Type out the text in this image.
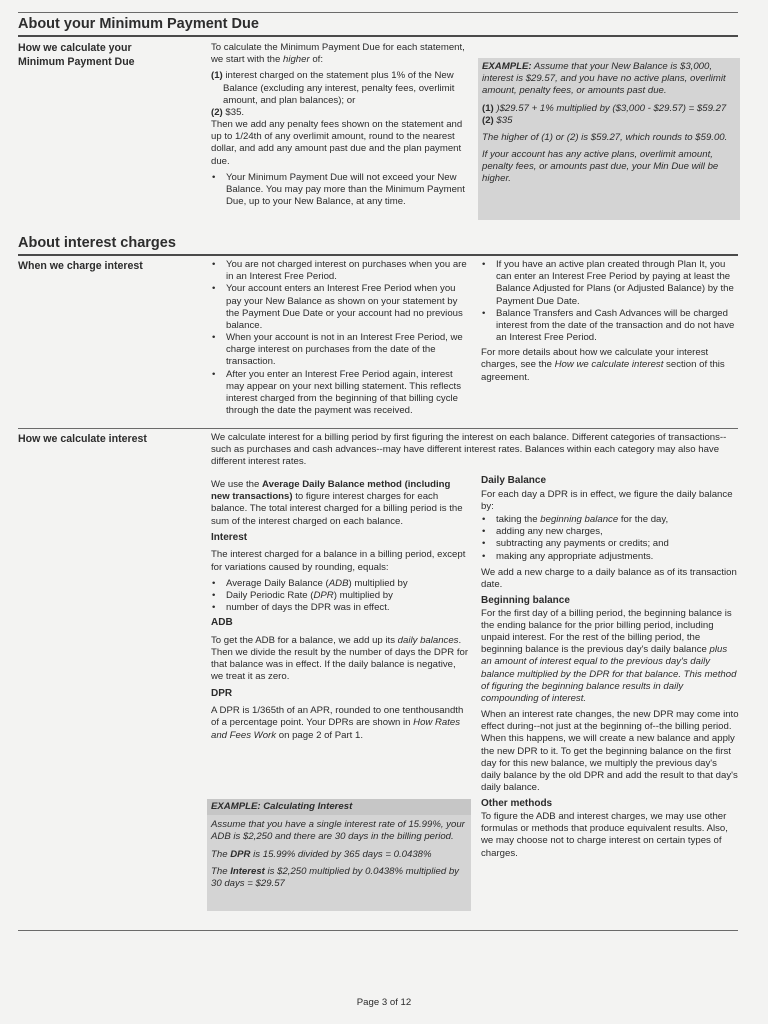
About your Minimum Payment Due
How we calculate your Minimum Payment Due

To calculate the Minimum Payment Due for each statement, we start with the higher of:

(1) interest charged on the statement plus 1% of the New Balance (excluding any interest, penalty fees, overlimit amount, and plan balances); or

(2) $35.

Then we add any penalty fees shown on the statement and up to 1/24th of any overlimit amount, round to the nearest dollar, and add any amount past due and the plan payment due.

• Your Minimum Payment Due will not exceed your New Balance. You may pay more than the Minimum Payment Due, up to your New Balance, at any time.

EXAMPLE: Assume that your New Balance is $3,000, interest is $29.57, and you have no active plans, overlimit amount, penalty fees, or amounts past due.

(1) )$29.57 + 1% multiplied by ($3,000 - $29.57) = $59.27

(2) $35

The higher of (1) or (2) is $59.27, which rounds to $59.00.

If your account has any active plans, overlimit amount, penalty fees, or amounts past due, your Min Due will be higher.

About interest charges
When we charge interest
•	You are not charged interest on purchases when you are in an Interest Free Period.
• Your account enters an Interest Free Period when you pay your New Balance as shown on your statement by the Payment Due Date or your account had no previous balance.
• When your account is not in an Interest Free Period, we charge interest on purchases from the date of the transaction.
• After you enter an Interest Free Period again, interest may appear on your next billing statement. This reflects interest charged from the beginning of that billing cycle through the date the payment was received.
• If you have an active plan created through Plan It, you can enter an Interest Free Period by paying at least the Balance Adjusted for Plans (or Adjusted Balance) by the Payment Due Date.
• Balance Transfers and Cash Advances will be charged interest from the date of the transaction and do not have an Interest Free Period.

For more details about how we calculate your interest charges, see the How we calculate interest section of this agreement.

How we calculate interest	We calculate interest for a billing period by first figuring the interest on each balance. Different categories of transactions--such as purchases and cash advances--may have different interest rates. Balances within each category may also have different interest rates.

We use the Average Daily Balance method (including new transactions) to figure interest charges for each balance. The total interest charged for a billing period is the sum of the interest charged on each balance.

Interest

The interest charged for a balance in a billing period, except for variations caused by rounding, equals:

• Average Daily Balance (ADB) multiplied by
• Daily Periodic Rate (DPR) multiplied by
• number of days the DPR was in effect.
ADB

To get the ADB for a balance, we add up its daily balances. Then we divide the result by the number of days the DPR for that balance was in effect. If the daily balance is negative, we treat it as zero.

DPR

A DPR is 1/365th of an APR, rounded to one tenthousandth of a percentage point. Your DPRs are shown in How Rates and Fees Work on page 2 of Part 1.

EXAMPLE: Calculating Interest

Assume that you have a single interest rate of 15.99%, your ADB is $2,250 and there are 30 days in the billing period.

The DPR is 15.99% divided by 365 days = 0.0438%

The Interest is $2,250 multiplied by 0.0438% multiplied by 30 days = $29.57

Daily Balance

For each day a DPR is in effect, we figure the daily balance by:

• taking the beginning balance for the day,
• adding any new charges,
• subtracting any payments or credits; and
• making any appropriate adjustments.

We add a new charge to a daily balance as of its transaction date.

Beginning balance

For the first day of a billing period, the beginning balance is the ending balance for the prior billing period, including unpaid interest. For the rest of the billing period, the beginning balance is the previous day's daily balance plus an amount of interest equal to the previous day's daily balance multiplied by the DPR for that balance. This method of figuring the beginning balance results in daily compounding of interest.

When an interest rate changes, the new DPR may come into effect during--not just at the beginning of--the billing period. When this happens, we will create a new balance and apply the new DPR to it. To get the beginning balance on the first day for this new balance, we multiply the previous day's daily balance by the old DPR and add the result to that day's daily balance.

Other methods

To figure the ADB and interest charges, we may use other formulas or methods that produce equivalent results. Also, we may choose not to charge interest on certain types of charges.

Page 3 of 12
